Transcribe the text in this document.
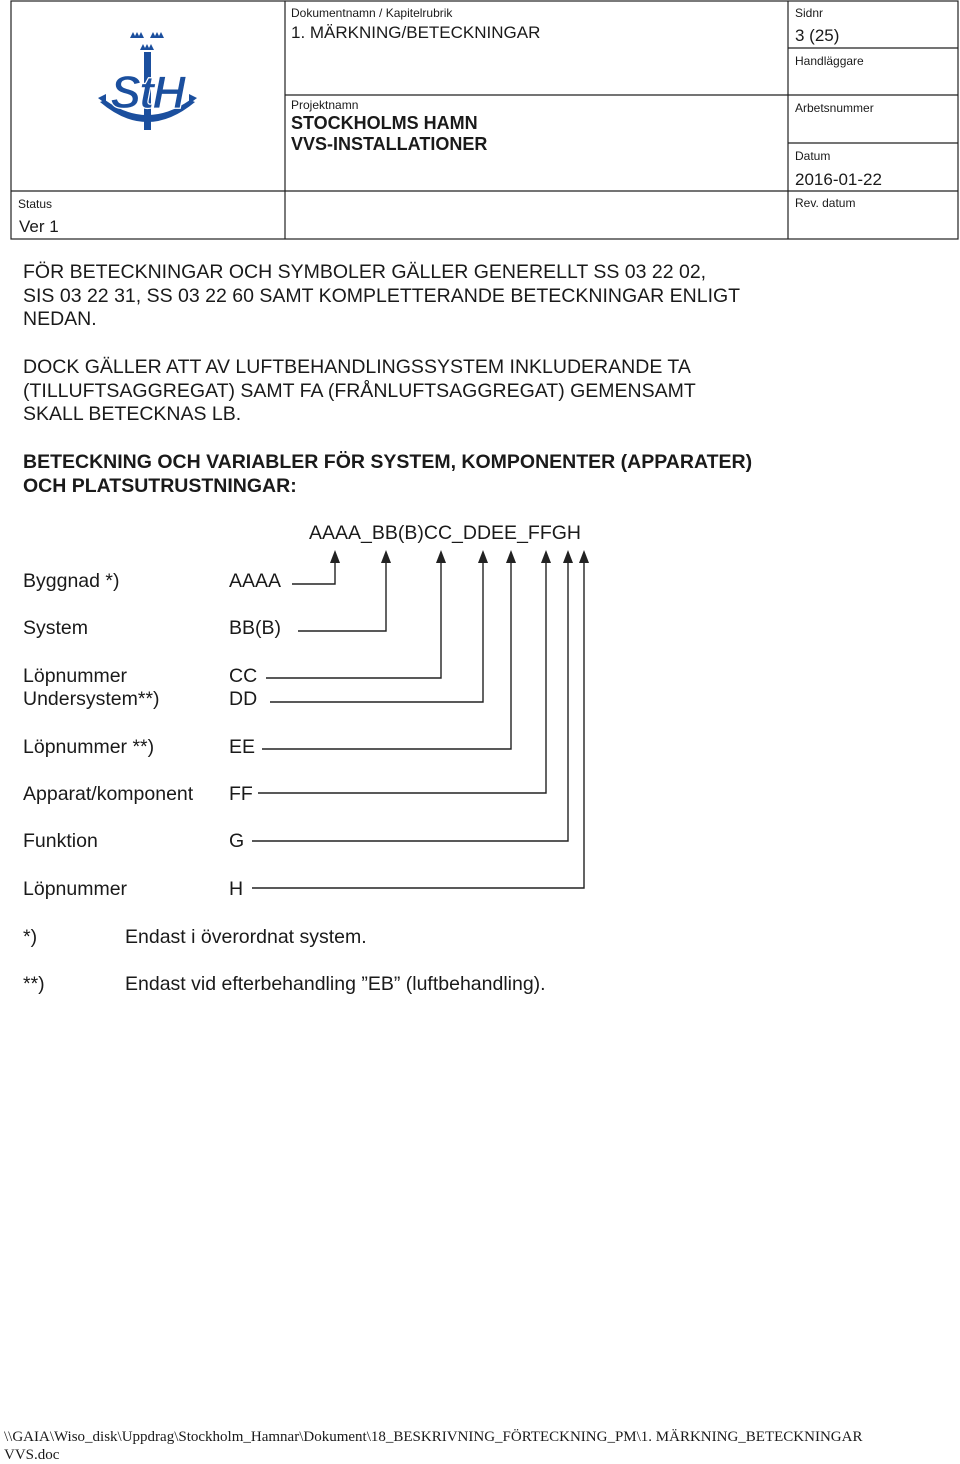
StH
Status
Ver 1
Dokumentnamn / Kapitelrubrik
1. MÄRKNING/BETECKNINGAR
Projektnamn
STOCKHOLMS HAMN
VVS-INSTALLATIONER
Sidnr
3 (25)
Handläggare
Arbetsnummer
Datum
2016-01-22
Rev. datum
FÖR BETECKNINGAR OCH SYMBOLER GÄLLER GENERELLT SS 03 22 02,
SIS 03 22 31, SS 03 22 60 SAMT KOMPLETTERANDE BETECKNINGAR ENLIGT
NEDAN.
DOCK GÄLLER ATT AV LUFTBEHANDLINGSSYSTEM INKLUDERANDE TA
(TILLUFTSAGGREGAT) SAMT FA (FRÅNLUFTSAGGREGAT) GEMENSAMT
SKALL BETECKNAS LB.
BETECKNING OCH VARIABLER FÖR SYSTEM, KOMPONENTER (APPARATER)
OCH PLATSUTRUSTNINGAR:
AAAA_BB(B)CC_DDEE_FFGH
Byggnad *)	AAAA
System	BB(B)
Löpnummer	CC
Undersystem**)	DD
Löpnummer **)	EE
Apparat/komponent FF
Funktion	G
Löpnummer	H
*)	Endast i överordnat system.
**)	Endast vid efterbehandling ”EB” (luftbehandling).
\\GAIA\Wiso_disk\Uppdrag\Stockholm_Hamnar\Dokument\18_BESKRIVNING_FÖRTECKNING_PM\1. MÄRKNING_BETECKNINGAR
VVS.doc
